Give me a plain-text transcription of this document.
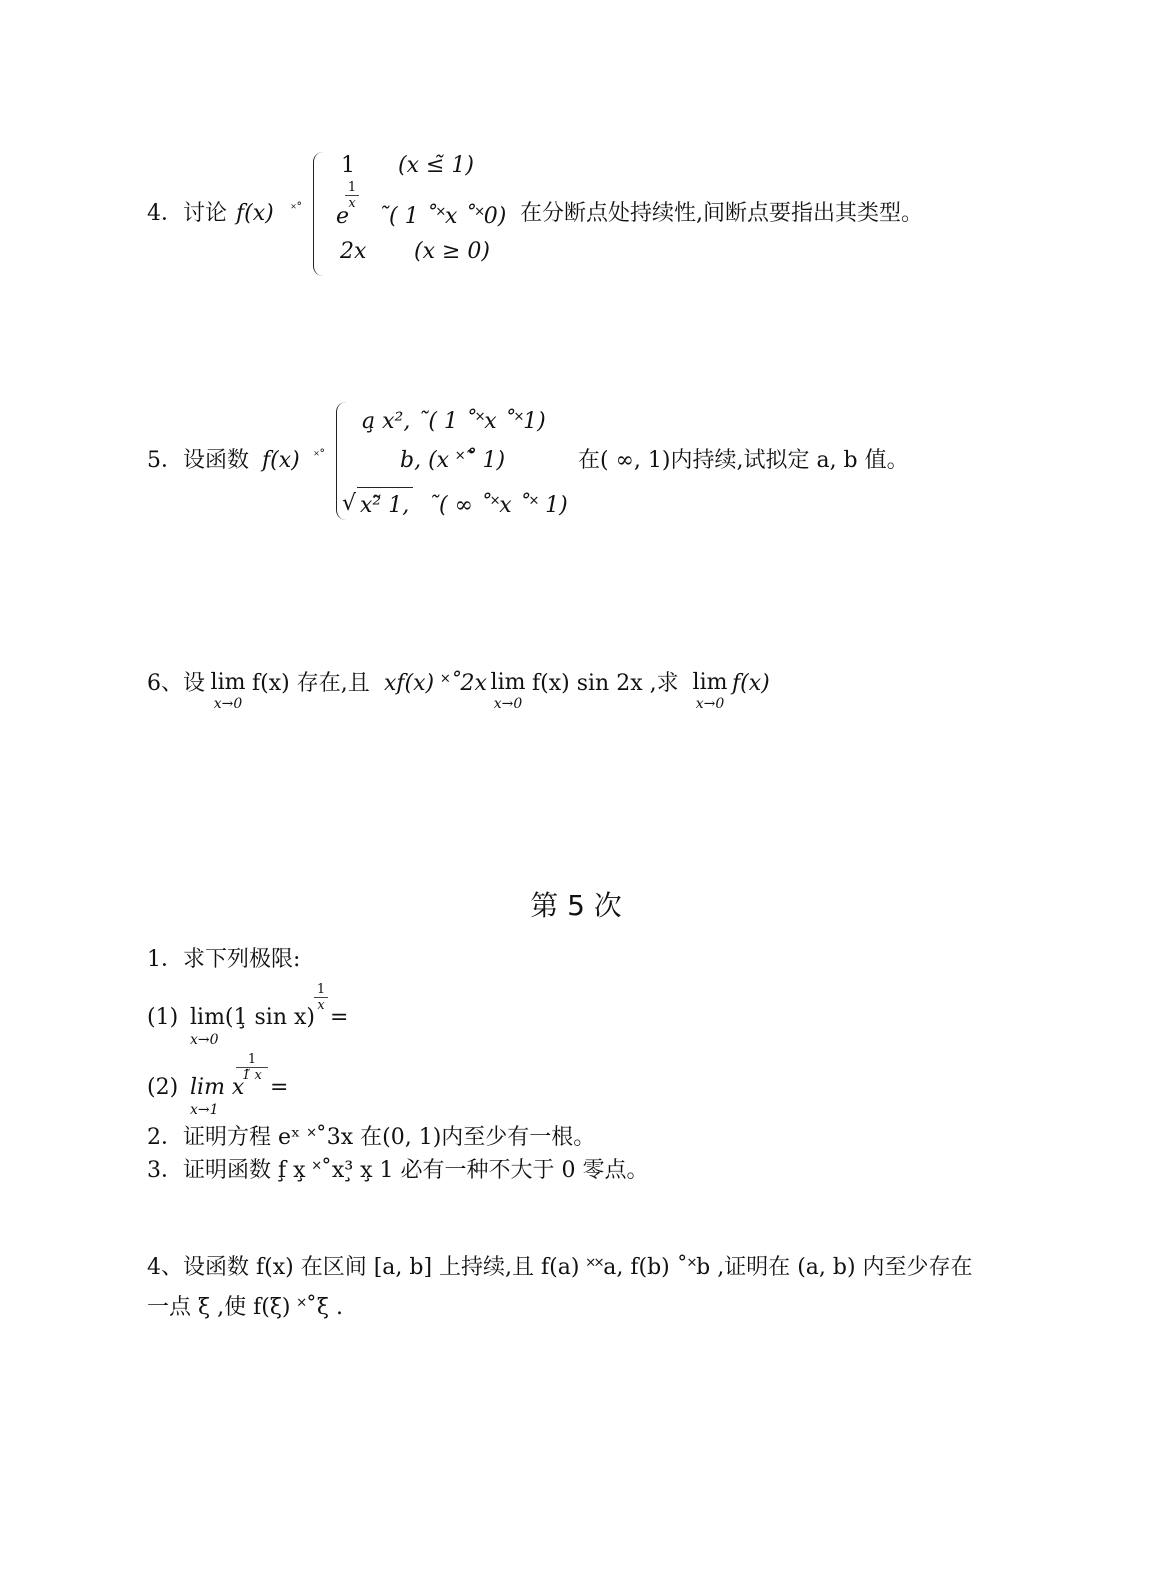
4．讨论 f(x) ˟˚
1 (x ≤̃ 1)
e
$\frac{1}{x}$
˜( 1 ˚˟x ˚˟0)
2x (x ≥ 0)
在分断点处持续性,间断点要指出其类型。
5．设函数 f(x) ˟˚
a̧ x², ˜( 1 ˚˟x ˚˟1)
b, (x ˟˚̃ 1)
√ x²̃ 1, ˜( ∞ ˚˟x ˚˟ 1)
在( ∞, 1)内持续,试拟定 a, b 值。
6、设 lim
x→0
f(x) 存在,且 xf(x) ˟˚2x lim
x→0
f(x) sin 2x ,求 lim
x→0
f(x)
第 5 次
1．求下列极限:
(1) lim(1̧ sin x)
x→0
$\frac{1}{x}$
=
(2) lim x
x→1
$\frac{1}{1̃ x}$
=
2．证明方程 eˣ ˟˚3x 在(0, 1)内至少有一根。
3．证明函数 f̧ x̧ ˟˚x³̧ x̧ 1 必有一种不大于 0 零点。
4、设函数 f(x) 在区间 [a, b] 上持续,且 f(a) ˟˟a, f(b) ˚˟b ,证明在 (a, b) 内至少存在
一点 ξ ,使 f(ξ) ˟˚ξ .
